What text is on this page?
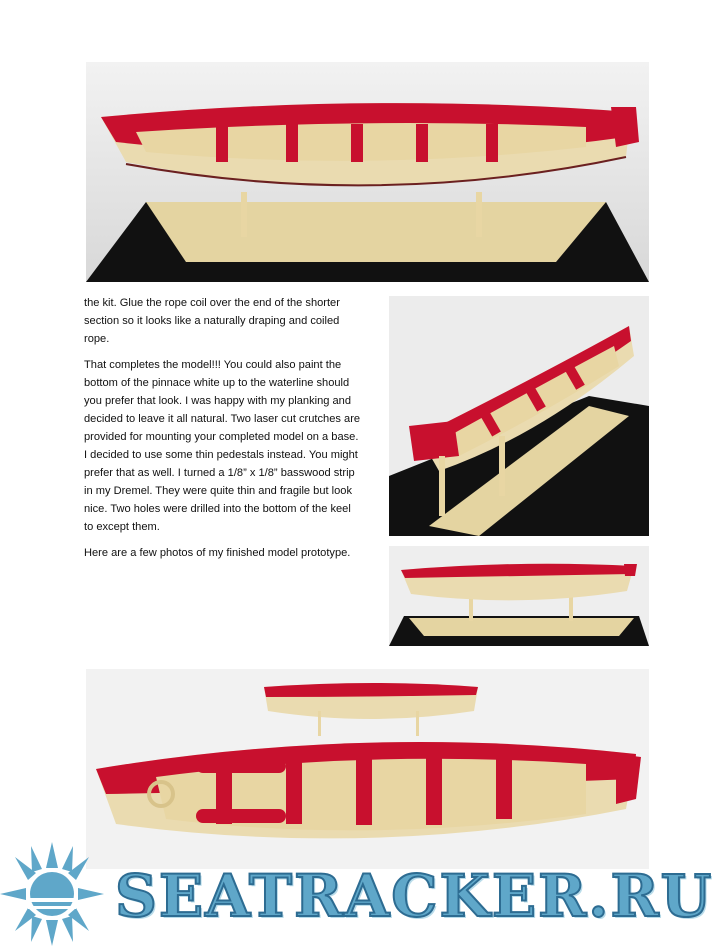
the kit. Glue the rope coil over the end of the shorter section so it looks like a naturally draping and coiled rope.

That completes the model!!! You could also paint the bottom of the pinnace white up to the waterline should you prefer that look. I was happy with my planking and decided to leave it all natural. Two laser cut crutches are provided for mounting your completed model on a base. I decided to use some thin pedestals instead. You might prefer that as well. I turned a 1/8” x 1/8” basswood strip in my Dremel. They were quite thin and fragile but look nice. Two holes were drilled into the bottom of the keel to except them.

Here are a few photos of my finished model prototype.

SEATRACKER.RU
